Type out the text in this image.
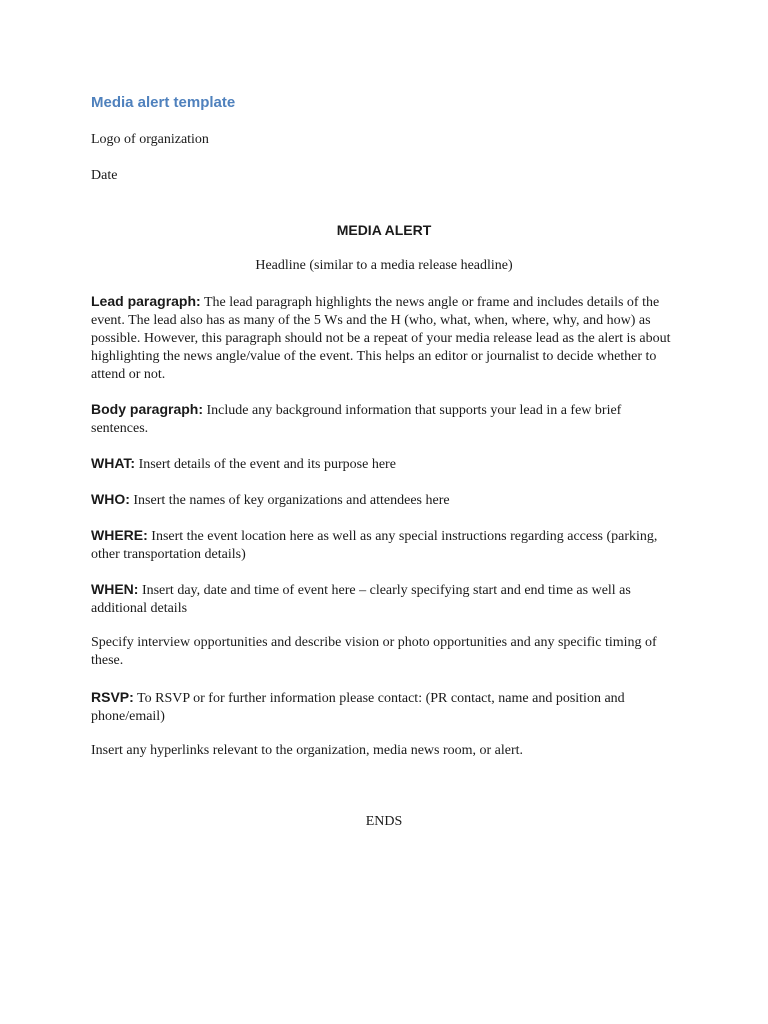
Media alert template
Logo of organization
Date
MEDIA ALERT
Headline (similar to a media release headline)
Lead paragraph: The lead paragraph highlights the news angle or frame and includes details of the event. The lead also has as many of the 5 Ws and the H (who, what, when, where, why, and how) as possible. However, this paragraph should not be a repeat of your media release lead as the alert is about highlighting the news angle/value of the event. This helps an editor or journalist to decide whether to attend or not.
Body paragraph: Include any background information that supports your lead in a few brief sentences.
WHAT: Insert details of the event and its purpose here
WHO: Insert the names of key organizations and attendees here
WHERE: Insert the event location here as well as any special instructions regarding access (parking, other transportation details)
WHEN: Insert day, date and time of event here – clearly specifying start and end time as well as additional details
Specify interview opportunities and describe vision or photo opportunities and any specific timing of these.
RSVP: To RSVP or for further information please contact: (PR contact, name and position and phone/email)
Insert any hyperlinks relevant to the organization, media news room, or alert.
ENDS
